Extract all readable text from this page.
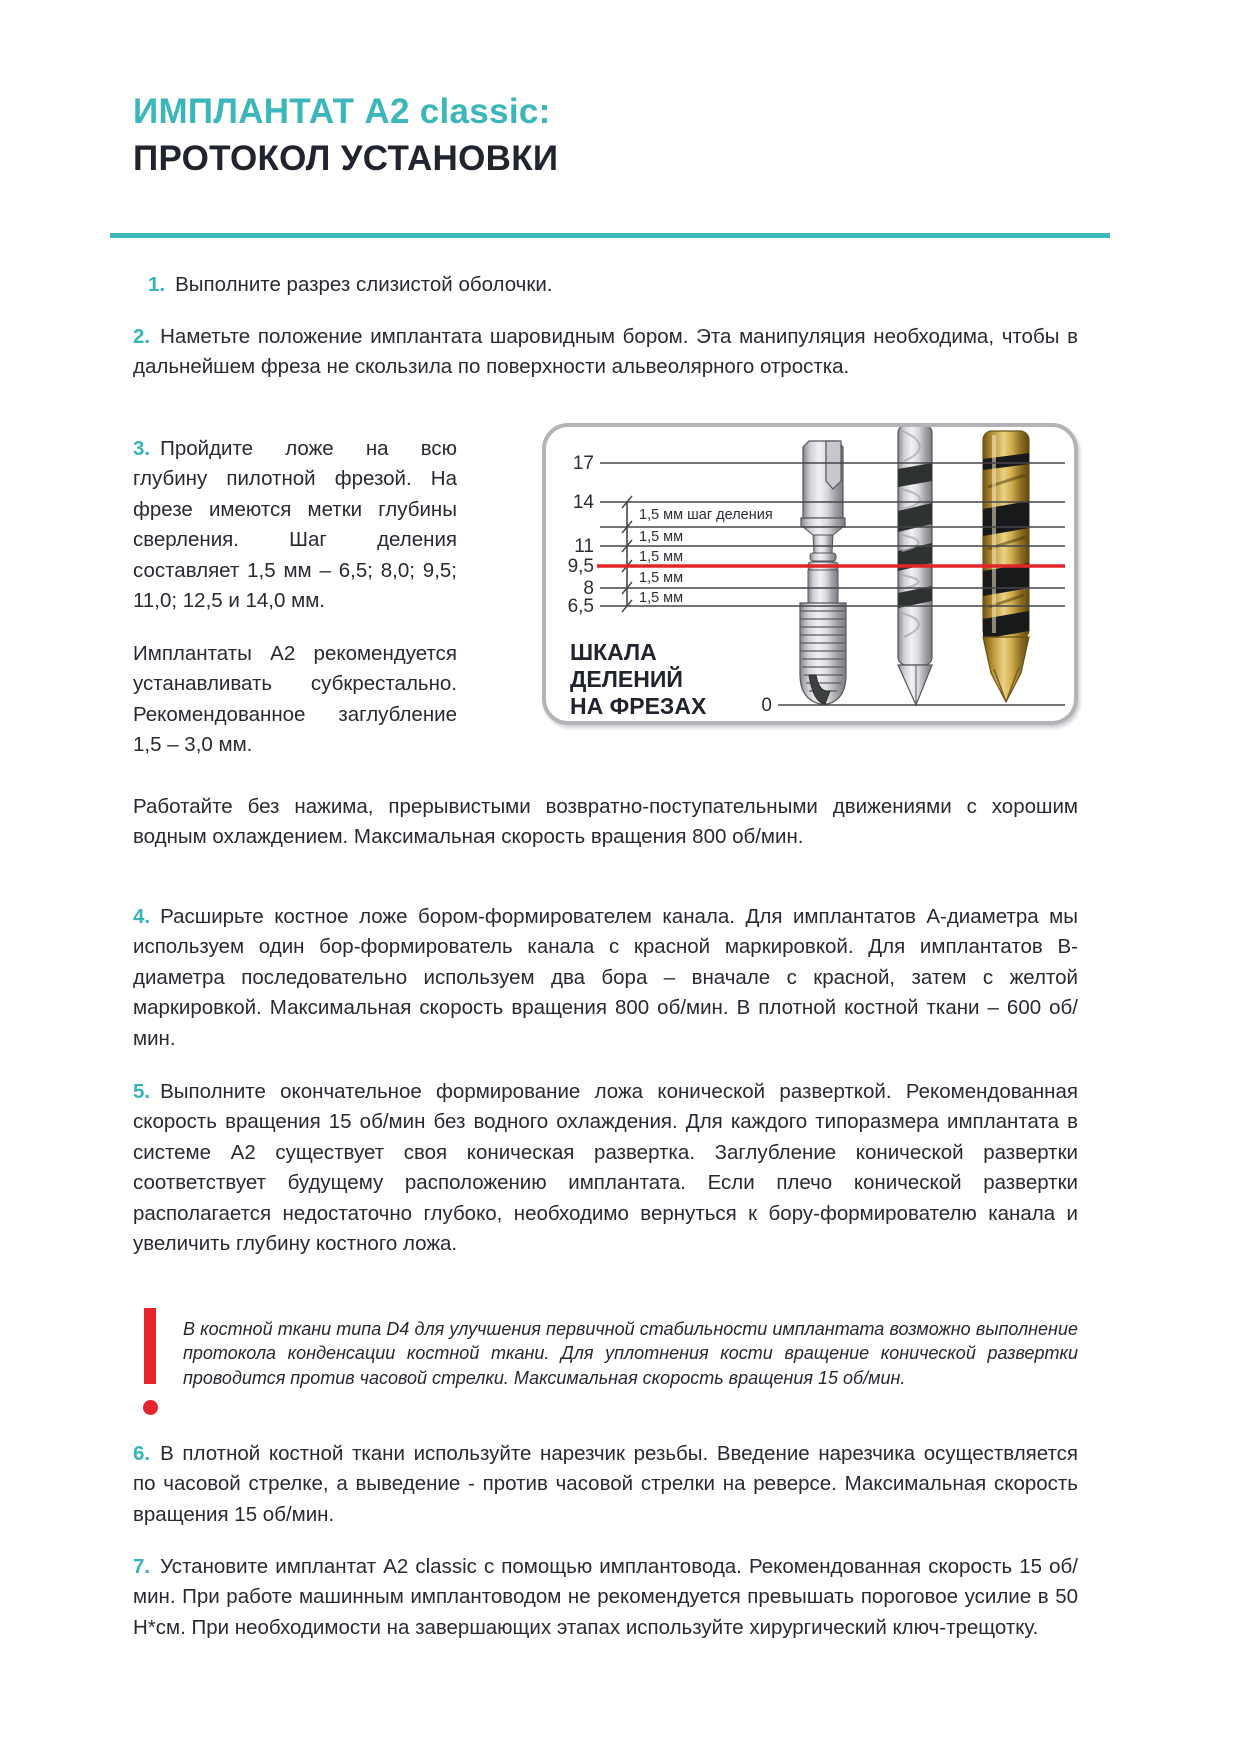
ИМПЛАНТАТ А2 classic:
ПРОТОКОЛ УСТАНОВКИ

1. Выполните разрез слизистой оболочки.

2. Наметьте положение имплантата шаровидным бором. Эта манипуляция необходима, чтобы в дальнейшем фреза не скользила по поверхности альвеолярного отростка.

3. Пройдите ложе на всю глубину пилотной фрезой. На фрезе имеются метки глубины сверления. Шаг деления составляет 1,5 мм – 6,5; 8,0; 9,5; 11,0; 12,5 и 14,0 мм.

Имплантаты А2 рекомендуется устанавливать субкрестально. Рекомендованное заглубление 1,5 – 3,0 мм.

17
14
11
9,5
8
6,5
0
1,5 мм шаг деления
1,5 мм
1,5 мм
1,5 мм
1,5 мм
ШКАЛА
ДЕЛЕНИЙ
НА ФРЕЗАХ

Работайте без нажима, прерывистыми возвратно-поступательными движениями с хорошим водным охлаждением. Максимальная скорость вращения 800 об/мин.

4. Расширьте костное ложе бором-формирователем канала. Для имплантатов А-диаметра мы используем один бор-формирователь канала с красной маркировкой. Для имплантатов В-диаметра последовательно используем два бора – вначале с красной, затем с желтой маркировкой. Максимальная скорость вращения 800 об/мин. В плотной костной ткани – 600 об/мин.

5. Выполните окончательное формирование ложа конической разверткой. Рекомендованная скорость вращения 15 об/мин без водного охлаждения. Для каждого типоразмера имплантата в системе А2 существует своя коническая развертка. Заглубление конической развертки соответствует будущему расположению имплантата. Если плечо конической развертки располагается недостаточно глубоко, необходимо вернуться к бору-формирователю канала и увеличить глубину костного ложа.

В костной ткани типа D4 для улучшения первичной стабильности имплантата возможно выполнение протокола конденсации костной ткани. Для уплотнения кости вращение конической развертки проводится против часовой стрелки. Максимальная скорость вращения 15 об/мин.

6. В плотной костной ткани используйте нарезчик резьбы. Введение нарезчика осуществляется по часовой стрелке, а выведение - против часовой стрелки на реверсе. Максимальная скорость вращения 15 об/мин.

7. Установите имплантат А2 classic с помощью имплантовода. Рекомендованная скорость 15 об/мин. При работе машинным имплантоводом не рекомендуется превышать пороговое усилие в 50 Н*см. При необходимости на завершающих этапах используйте хирургический ключ-трещотку.
